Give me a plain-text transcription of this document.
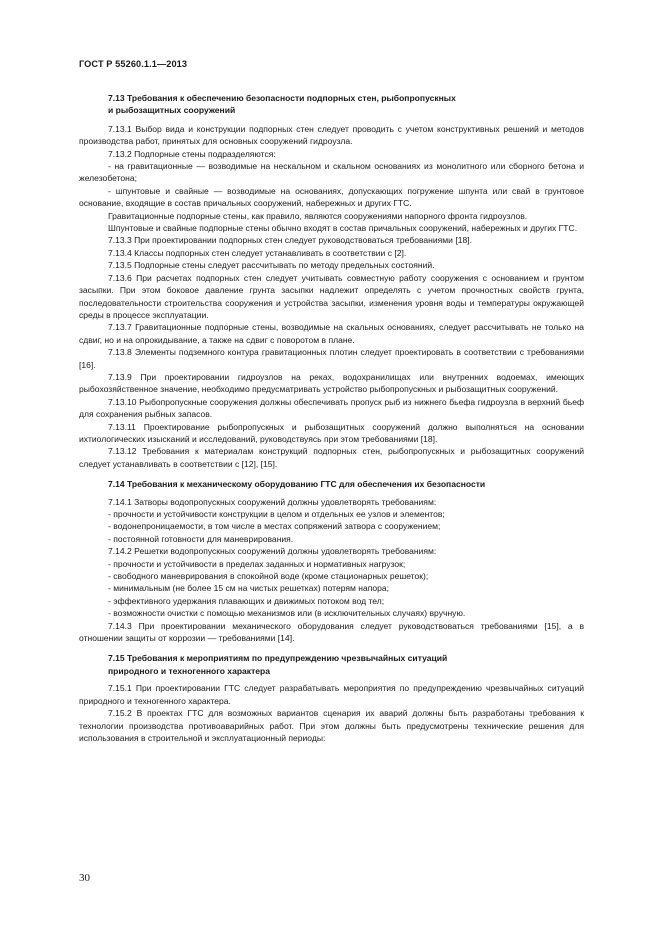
ГОСТ Р 55260.1.1—2013
7.13 Требования к обеспечению безопасности подпорных стен, рыбопропускных
и рыбозащитных сооружений

7.13.1 Выбор вида и конструкции подпорных стен следует проводить с учетом конструктивных решений и методов производства работ, принятых для основных сооружений гидроузла.

7.13.2 Подпорные стены подразделяются:

- на гравитационные — возводимые на нескальном и скальном основаниях из монолитного или сборного бетона и железобетона;

- шпунтовые и свайные — возводимые на основаниях, допускающих погружение шпунта или свай в грунтовое основание, входящие в состав причальных сооружений, набережных и других ГТС.

Гравитационные подпорные стены, как правило, являются сооружениями напорного фронта гидроузлов.

Шпунтовые и свайные подпорные стены обычно входят в состав причальных сооружений, набережных и других ГТС.

7.13.3 При проектировании подпорных стен следует руководствоваться требованиями [18].

7.13.4 Классы подпорных стен следует устанавливать в соответствии с [2].

7.13.5 Подпорные стены следует рассчитывать по методу предельных состояний.

7.13.6 При расчетах подпорных стен следует учитывать совместную работу сооружения с основанием и грунтом засыпки. При этом боковое давление грунта засыпки надлежит определять с учетом прочностных свойств грунта, последовательности строительства сооружения и устройства засыпки, изменения уровня воды и температуры окружающей среды в процессе эксплуатации.

7.13.7 Гравитационные подпорные стены, возводимые на скальных основаниях, следует рассчитывать не только на сдвиг, но и на опрокидывание, а также на сдвиг с поворотом в плане.

7.13.8 Элементы подземного контура гравитационных плотин следует проектировать в соответствии с требованиями [16].

7.13.9 При проектировании гидроузлов на реках, водохранилищах или внутренних водоемах, имеющих рыбохозяйственное значение, необходимо предусматривать устройство рыбопропускных и рыбозащитных сооружений.

7.13.10 Рыбопропускные сооружения должны обеспечивать пропуск рыб из нижнего бьефа гидроузла в верхний бьеф для сохранения рыбных запасов.

7.13.11 Проектирование рыбопропускных и рыбозащитных сооружений должно выполняться на основании ихтиологических изысканий и исследований, руководствуясь при этом требованиями [18].

7.13.12 Требования к материалам конструкций подпорных стен, рыбопропускных и рыбозащитных сооружений следует устанавливать в соответствии с [12], [15].

7.14 Требования к механическому оборудованию ГТС для обеспечения их безопасности

7.14.1 Затворы водопропускных сооружений должны удовлетворять требованиям:

- прочности и устойчивости конструкции в целом и отдельных ее узлов и элементов;

- водонепроницаемости, в том числе в местах сопряжений затвора с сооружением;

- постоянной готовности для маневрирования.

7.14.2 Решетки водопропускных сооружений должны удовлетворять требованиям:

- прочности и устойчивости в пределах заданных и нормативных нагрузок;

- свободного маневрирования в спокойной воде (кроме стационарных решеток);

- минимальным (не более 15 см на чистых решетках) потерям напора;

- эффективного удержания плавающих и движимых потоком вод тел;

- возможности очистки с помощью механизмов или (в исключительных случаях) вручную.

7.14.3 При проектировании механического оборудования следует руководствоваться требованиями [15], а в отношении защиты от коррозии — требованиями [14].

7.15 Требования к мероприятиям по предупреждению чрезвычайных ситуаций
природного и техногенного характера

7.15.1 При проектировании ГТС следует разрабатывать мероприятия по предупреждению чрезвычайных ситуаций природного и техногенного характера.

7.15.2 В проектах ГТС для возможных вариантов сценария их аварий должны быть разработаны требования к технологии производства противоаварийных работ. При этом должны быть предусмотрены технические решения для использования в строительной и эксплуатационный периоды:

30
